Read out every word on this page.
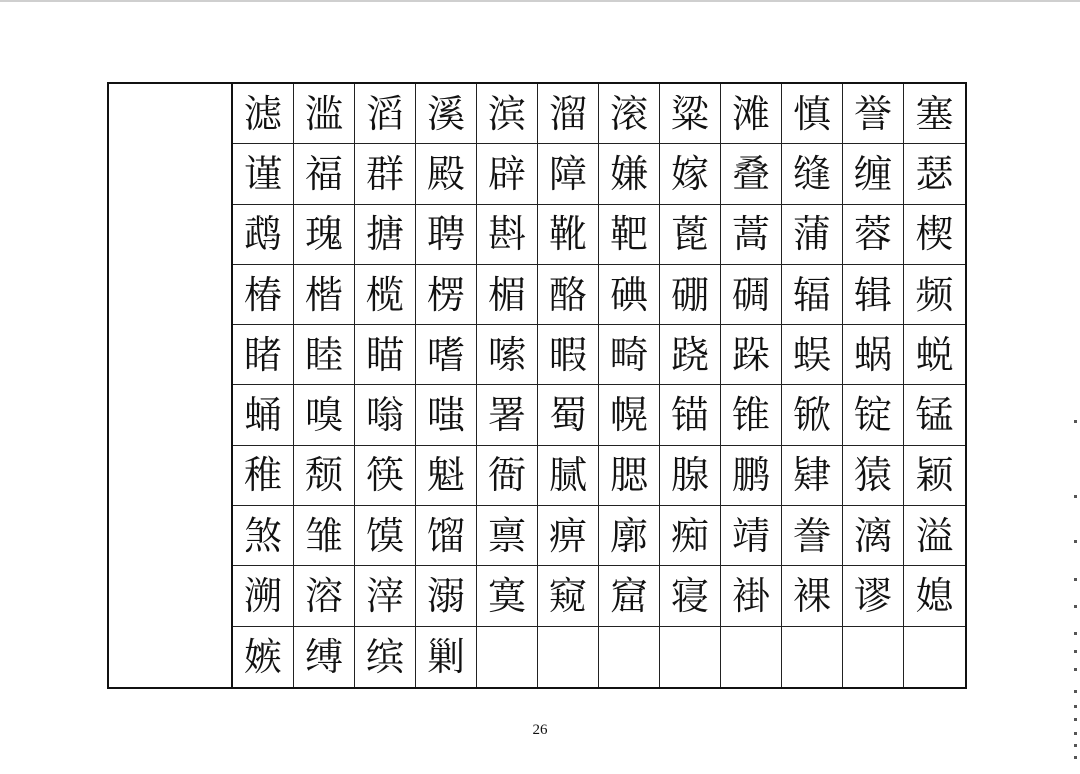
滤 滥 滔 溪 滨 溜 滚 粱 滩 慎 誉 塞
谨 福 群 殿 辟 障 嫌 嫁 叠 缝 缠 瑟
鹉 瑰 搪 聘 斟 靴 靶 蓖 蒿 蒲 蓉 楔
椿 楷 榄 楞 楣 酪 碘 硼 碉 辐 辑 频
睹 睦 瞄 嗜 嗦 暇 畸 跷 跺 蜈 蜗 蜕
蛹 嗅 嗡 嗤 署 蜀 幌 锚 锥 锨 锭 锰
稚 颓 筷 魁 衙 腻 腮 腺 鹏 肄 猿 颖
煞 雏 馍 馏 禀 痹 廓 痴 靖 誊 漓 溢
溯 溶 滓 溺 寞 窥 窟 寝 褂 裸 谬 媳
嫉 缚 缤 剿
26
